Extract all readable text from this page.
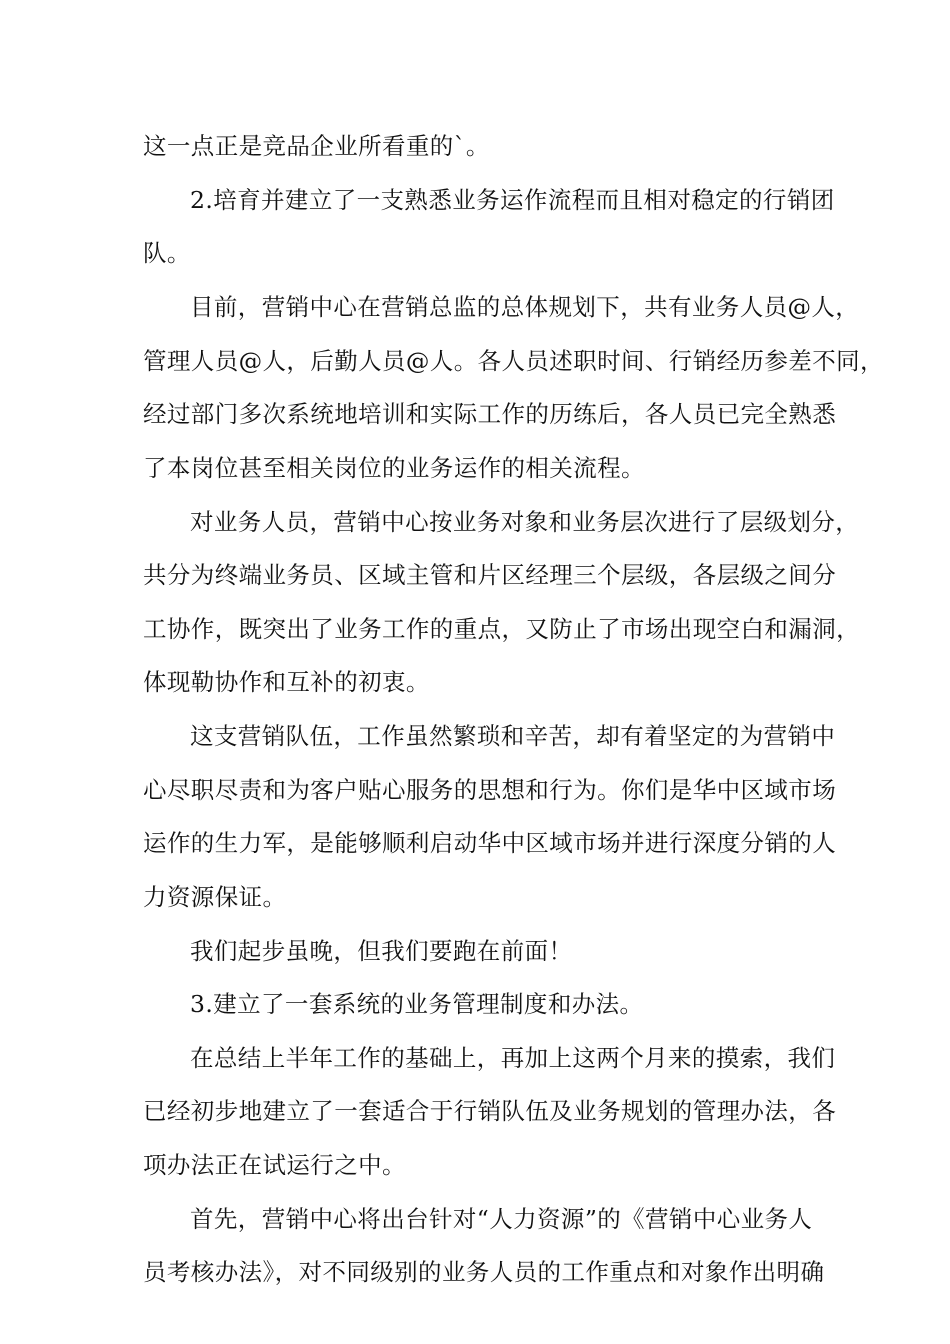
这一点正是竞品企业所看重的`。
2.培育并建立了一支熟悉业务运作流程而且相对稳定的行销团
队。
目前，营销中心在营销总监的总体规划下，共有业务人员@人，
管理人员@人，后勤人员@人。各人员述职时间、行销经历参差不同，
经过部门多次系统地培训和实际工作的历练后，各人员已完全熟悉
了本岗位甚至相关岗位的业务运作的相关流程。
对业务人员，营销中心按业务对象和业务层次进行了层级划分，
共分为终端业务员、区域主管和片区经理三个层级，各层级之间分
工协作，既突出了业务工作的重点，又防止了市场出现空白和漏洞，
体现勒协作和互补的初衷。
这支营销队伍，工作虽然繁琐和辛苦，却有着坚定的为营销中
心尽职尽责和为客户贴心服务的思想和行为。你们是华中区域市场
运作的生力军，是能够顺利启动华中区域市场并进行深度分销的人
力资源保证。
我们起步虽晚，但我们要跑在前面！
3.建立了一套系统的业务管理制度和办法。
在总结上半年工作的基础上，再加上这两个月来的摸索，我们
已经初步地建立了一套适合于行销队伍及业务规划的管理办法，各
项办法正在试运行之中。
首先，营销中心将出台针对“人力资源”的《营销中心业务人
员考核办法》，对不同级别的业务人员的工作重点和对象作出明确
